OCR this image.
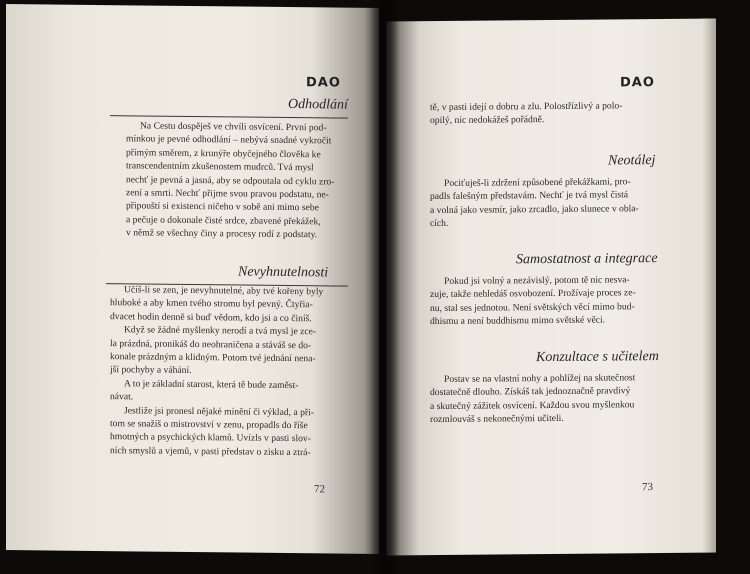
DAO
Odhodlání
Na Cestu dospěješ ve chvíli osvícení. První pod-
mínkou je pevné odhodlání – nebývá snadné vykročit
přímým směrem, z krunýře obyčejného člověka ke
transcendentním zkušenostem mudrců. Tvá mysl
nechť je pevná a jasná, aby se odpoutala od cyklu zro-
zení a smrti. Nechť přijme svou pravou podstatu, ne-
připouští si existenci ničeho v sobě ani mimo sebe
a pečuje o dokonale čisté srdce, zbavené překážek,
v němž se všechny činy a procesy rodí z podstaty.
Nevyhnutelnosti
Učíš-li se zen, je nevyhnutelné, aby tvé kořeny byly
hluboké a aby kmen tvého stromu byl pevný. Čtyřia-
dvacet hodin denně si buď vědom, kdo jsi a co činíš.
Když se žádné myšlenky nerodí a tvá mysl je zce-
la prázdná, pronikáš do neohraničena a stáváš se do-
konale prázdným a klidným. Potom tvé jednání nena-
jší pochyby a váhání.
A to je základní starost, která tě bude zaměst-
návat.
Jestliže jsi pronesl nějaké mínění či výklad, a při-
tom se snažíš o mistrovství v zenu, propadls do říše
hmotných a psychických klamů. Uvízls v pasti slov-
ních smyslů a vjemů, v pasti představ o zisku a ztrá-
72
DAO
tě, v pasti idejí o dobru a zlu. Polostřízlivý a polo-
opilý, nic nedokážeš pořádně.
Neotálej
Pociťuješ-li zdržení způsobené překážkami, pro-
padls falešným představám. Nechť je tvá mysl čistá
a volná jako vesmír, jako zrcadlo, jako slunece v obla-
cích.
Samostatnost a integrace
Pokud jsi volný a nezávislý, potom tě nic nesva-
zuje, takže nehledáš osvobození. Prožívaje proces ze-
nu, stal ses jednotou. Není světských věcí mimo bud-
dhismu a není buddhismu mimo světské věci.
Konzultace s učitelem
Postav se na vlastní nohy a pohlížej na skutečnost
dostatečně dlouho. Získáš tak jednoznačně pravdivý
a skutečný zážitek osvícení. Každou svou myšlenkou
rozmlouváš s nekonečnými učiteli.
73
